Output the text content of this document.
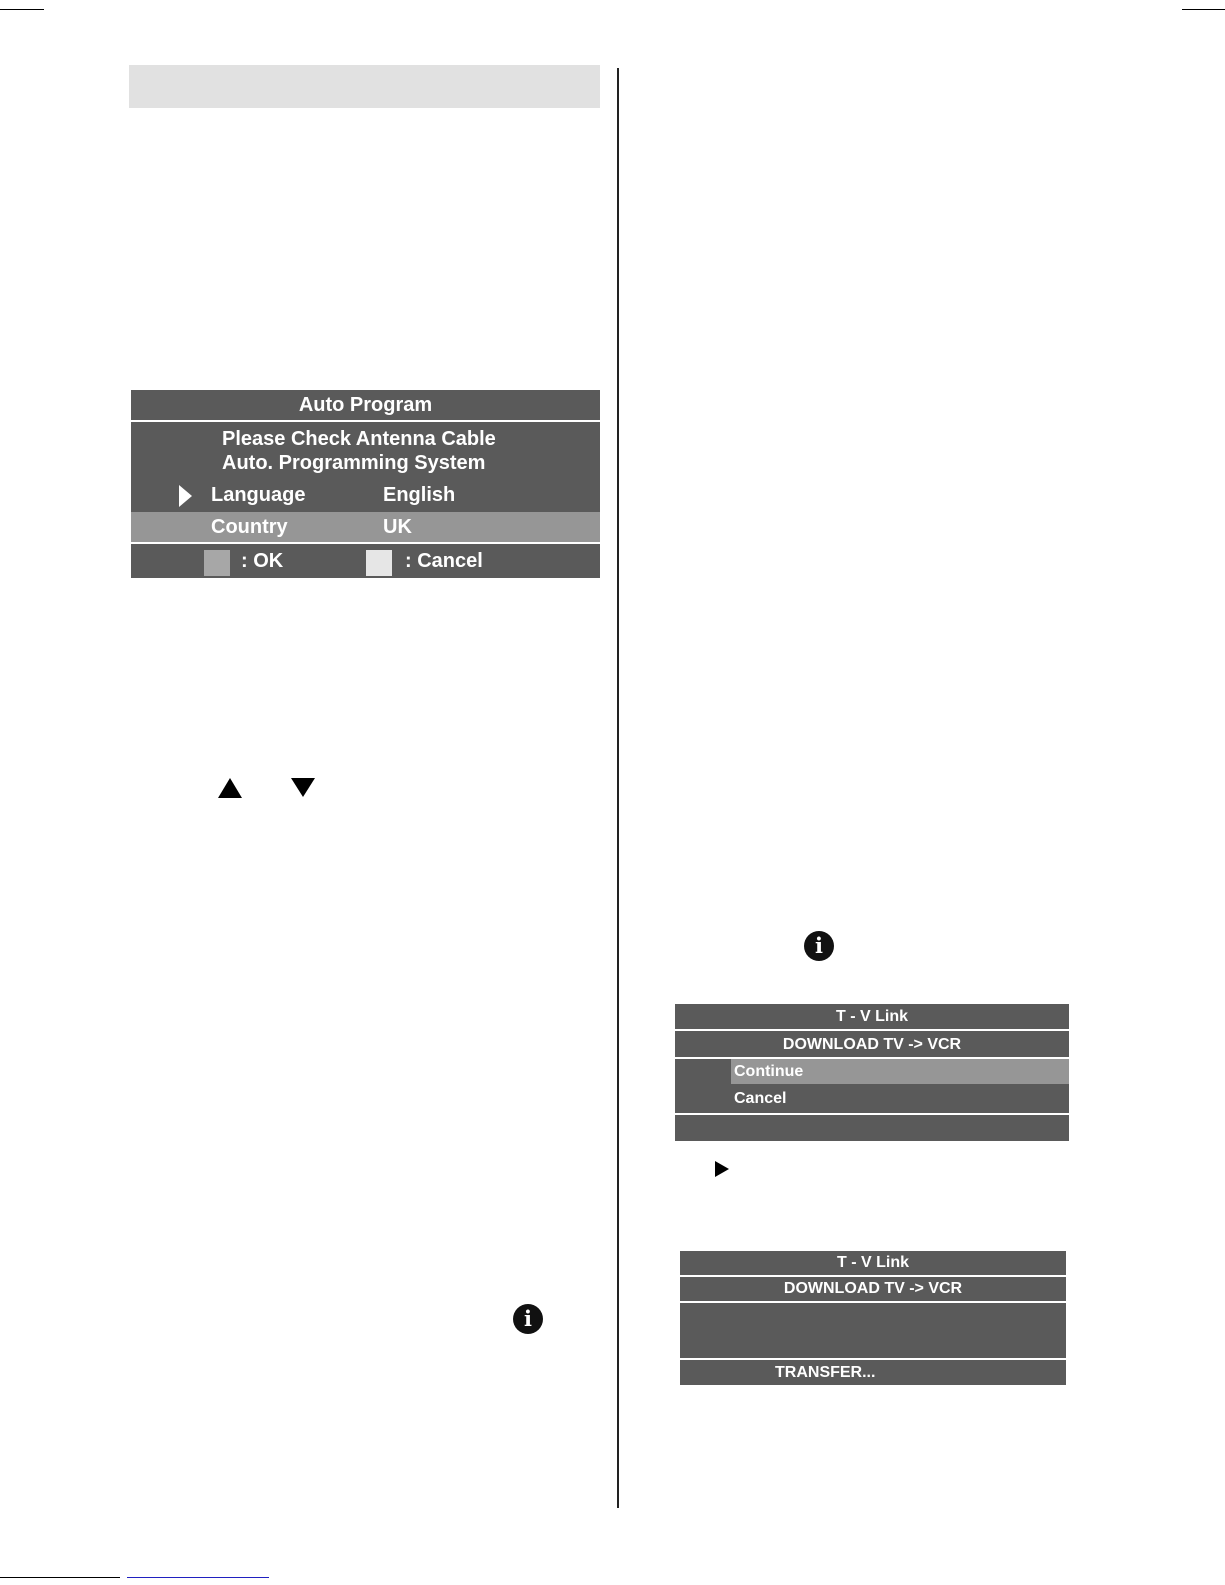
Auto Program
Please Check Antenna Cable
Auto. Programming System
Language	English
Country	UK
: OK	: Cancel
i
i
T - V Link
DOWNLOAD TV -> VCR
Continue
Cancel
T - V Link
DOWNLOAD TV -> VCR
TRANSFER...
